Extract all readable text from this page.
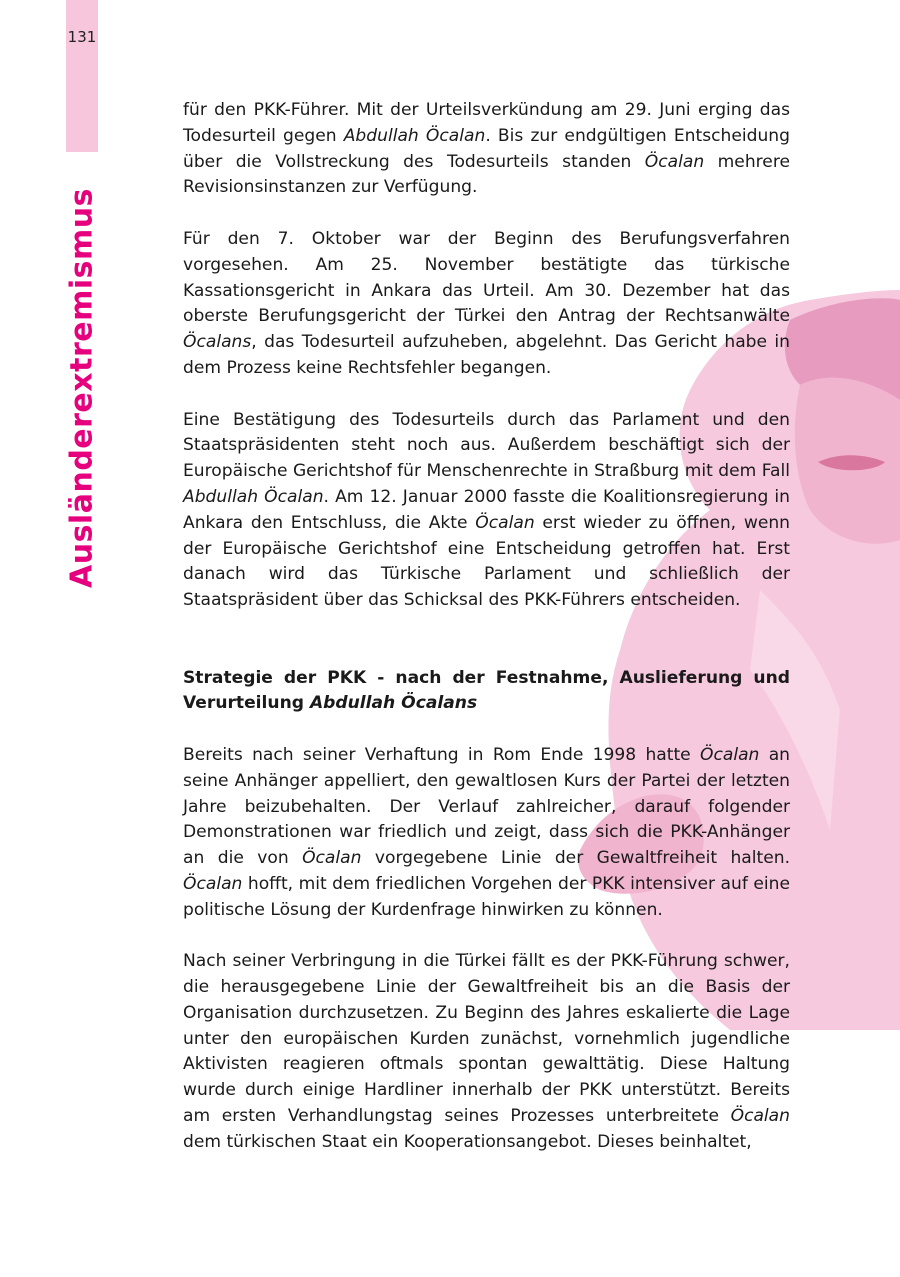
131
Ausländerextremismus

für den PKK-Führer. Mit der Urteilsverkündung am 29. Juni erging das Todesurteil gegen Abdullah Öcalan. Bis zur endgültigen Entscheidung über die Vollstreckung des Todesurteils standen Öcalan mehrere Revisionsinstanzen zur Verfügung.

Für den 7. Oktober war der Beginn des Berufungsverfahren vorgesehen. Am 25. November bestätigte das türkische Kassationsgericht in Ankara das Urteil. Am 30. Dezember hat das oberste Berufungsgericht der Türkei den Antrag der Rechtsanwälte Öcalans, das Todesurteil aufzuheben, abgelehnt. Das Gericht habe in dem Prozess keine Rechtsfehler begangen.

Eine Bestätigung des Todesurteils durch das Parlament und den Staatspräsidenten steht noch aus. Außerdem beschäftigt sich der Europäische Gerichtshof für Menschenrechte in Straßburg mit dem Fall Abdullah Öcalan. Am 12. Januar 2000 fasste die Koalitionsregierung in Ankara den Entschluss, die Akte Öcalan erst wieder zu öffnen, wenn der Europäische Gerichtshof eine Entscheidung getroffen hat. Erst danach wird das Türkische Parlament und schließlich der Staatspräsident über das Schicksal des PKK-Führers entscheiden.

Strategie der PKK - nach der Festnahme, Auslieferung und Verurteilung Abdullah Öcalans

Bereits nach seiner Verhaftung in Rom Ende 1998 hatte Öcalan an seine Anhänger appelliert, den gewaltlosen Kurs der Partei der letzten Jahre beizubehalten. Der Verlauf zahlreicher, darauf folgender Demonstrationen war friedlich und zeigt, dass sich die PKK-Anhänger an die von Öcalan vorgegebene Linie der Gewaltfreiheit halten. Öcalan hofft, mit dem friedlichen Vorgehen der PKK intensiver auf eine politische Lösung der Kurdenfrage hinwirken zu können.

Nach seiner Verbringung in die Türkei fällt es der PKK-Führung schwer, die herausgegebene Linie der Gewaltfreiheit bis an die Basis der Organisation durchzusetzen. Zu Beginn des Jahres eskalierte die Lage unter den europäischen Kurden zunächst, vornehmlich jugendliche Aktivisten reagieren oftmals spontan gewalttätig. Diese Haltung wurde durch einige Hardliner innerhalb der PKK unterstützt. Bereits am ersten Verhandlungstag seines Prozesses unterbreitete Öcalan dem türkischen Staat ein Kooperationsangebot. Dieses beinhaltet,
